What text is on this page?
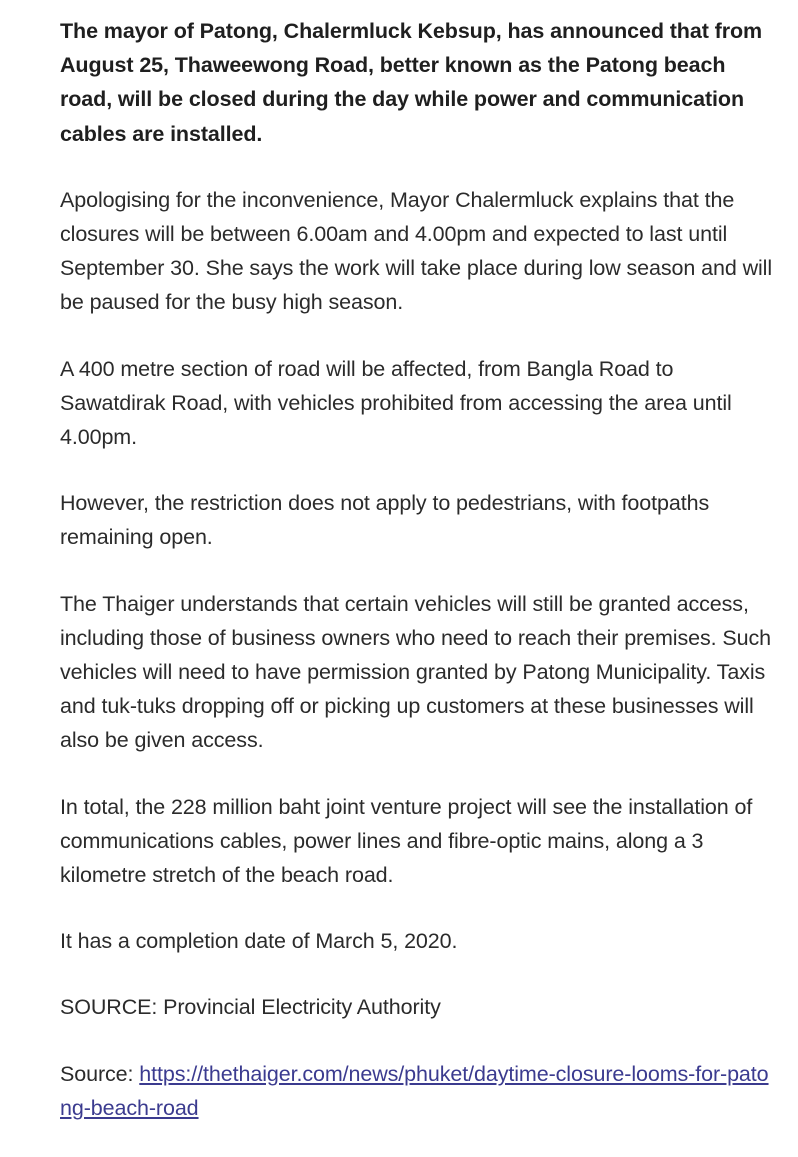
The mayor of Patong, Chalermluck Kebsup, has announced that from August 25, Thaweewong Road, better known as the Patong beach road, will be closed during the day while power and communication cables are installed.

Apologising for the inconvenience, Mayor Chalermluck explains that the closures will be between 6.00am and 4.00pm and expected to last until September 30. She says the work will take place during low season and will be paused for the busy high season.

A 400 metre section of road will be affected, from Bangla Road to Sawatdirak Road, with vehicles prohibited from accessing the area until 4.00pm.

However, the restriction does not apply to pedestrians, with footpaths remaining open.

The Thaiger understands that certain vehicles will still be granted access, including those of business owners who need to reach their premises. Such vehicles will need to have permission granted by Patong Municipality. Taxis and tuk-tuks dropping off or picking up customers at these businesses will also be given access.

In total, the 228 million baht joint venture project will see the installation of communications cables, power lines and fibre-optic mains, along a 3 kilometre stretch of the beach road.

It has a completion date of March 5, 2020.

SOURCE: Provincial Electricity Authority

Source: https://thethaiger.com/news/phuket/daytime-closure-looms-for-patong-beach-road
